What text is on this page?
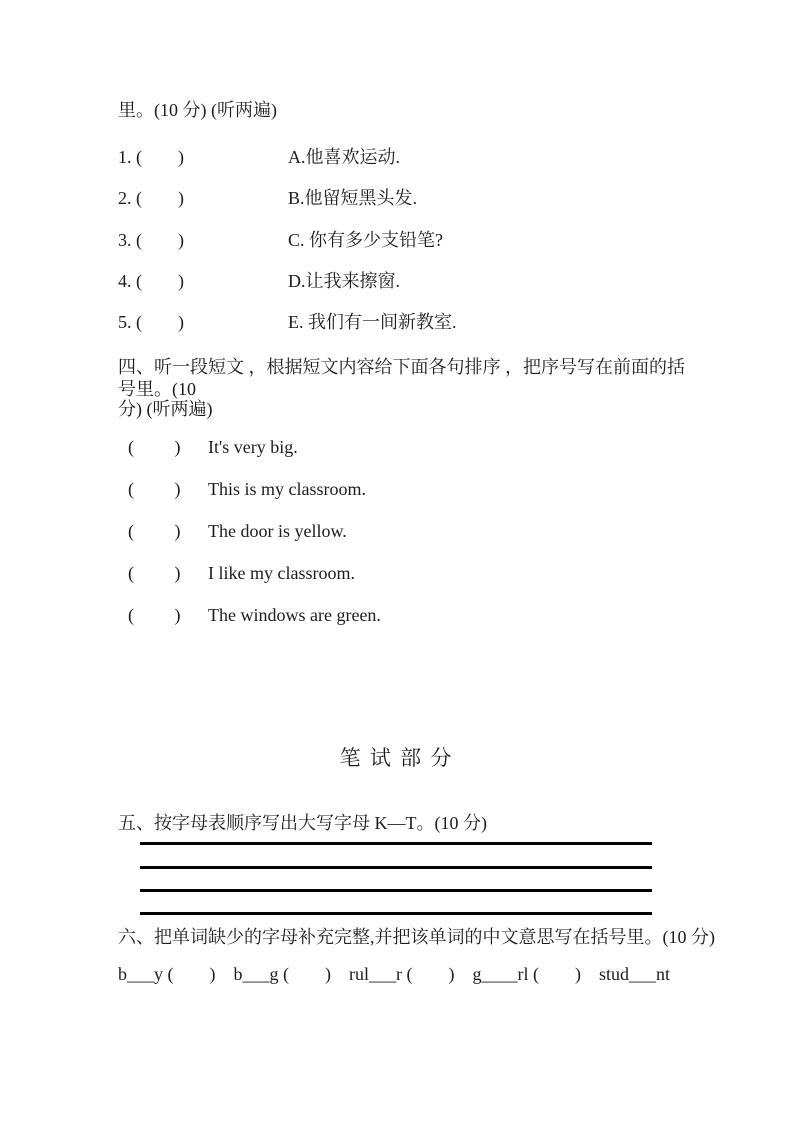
里。(10 分) (听两遍)
1. (        )	A.他喜欢运动.
2. (        )	B.他留短黑头发.
3. (        )	C. 你有多少支铅笔?
4. (        )	D.让我来擦窗.
5. (        )	E. 我们有一间新教室.
四、听一段短文 ，根据短文内容给下面各句排序 ，把序号写在前面的括号里。(10
分) (听两遍)
(         )	It's very big.
(         )	This is my classroom.
(         )	The door is yellow.
(         )	I like my classroom.
(         )	The windows are green.
笔 试 部 分
五、按字母表顺序写出大写字母 K—T。(10 分)
六、把单词缺少的字母补充完整,并把该单词的中文意思写在括号里。(10 分)
b___y (        )    b___g (        )    rul___r (        )    g____rl (        )    stud___nt
